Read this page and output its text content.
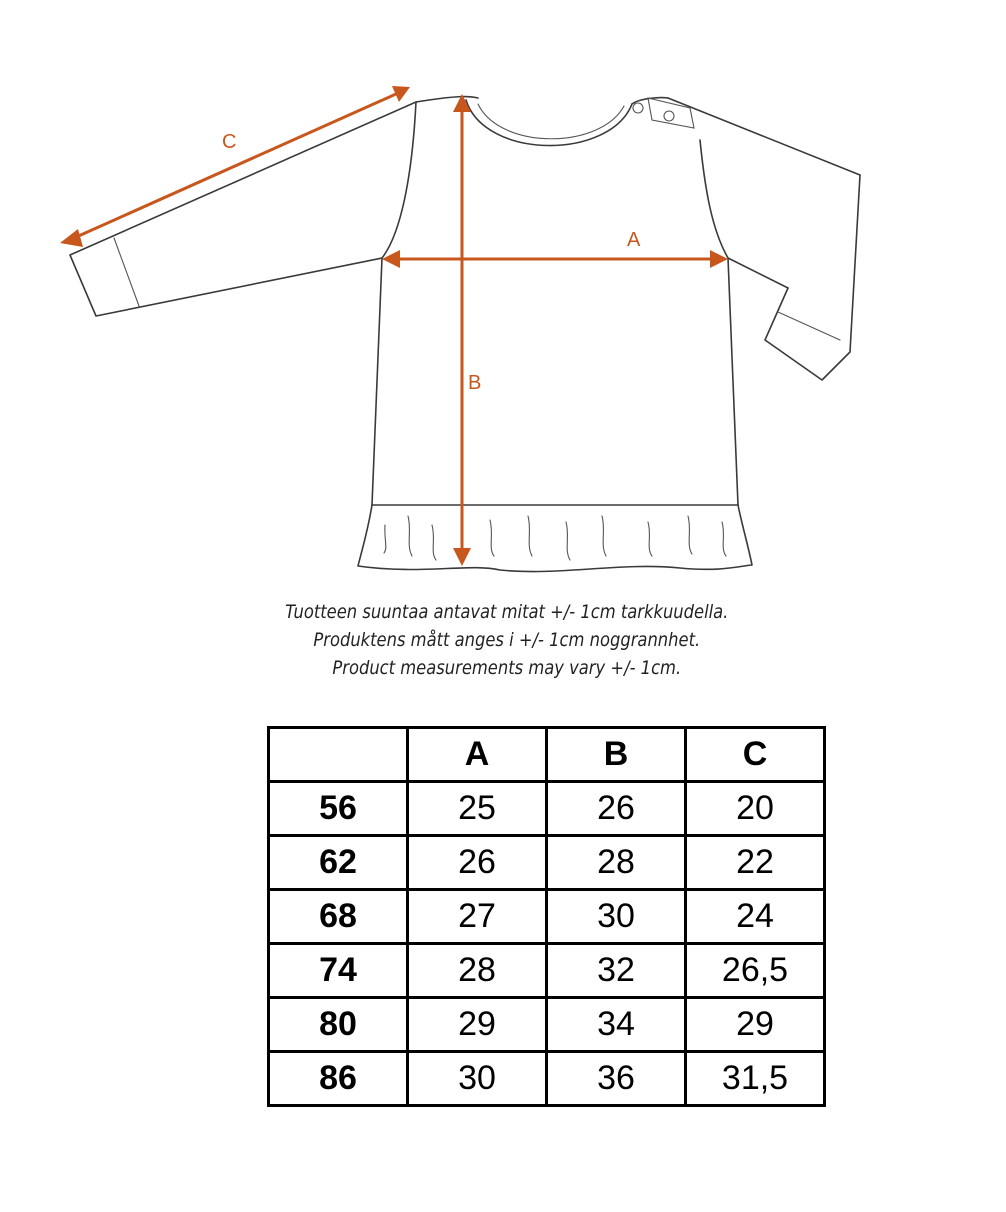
C
A
B
Tuotteen suuntaa antavat mitat +/- 1cm tarkkuudella.
Produktens mått anges i +/- 1cm noggrannhet.
Product measurements may vary +/- 1cm.
	A	B	C
56	25	26	20
62	26	28	22
68	27	30	24
74	28	32	26,5
80	29	34	29
86	30	36	31,5
